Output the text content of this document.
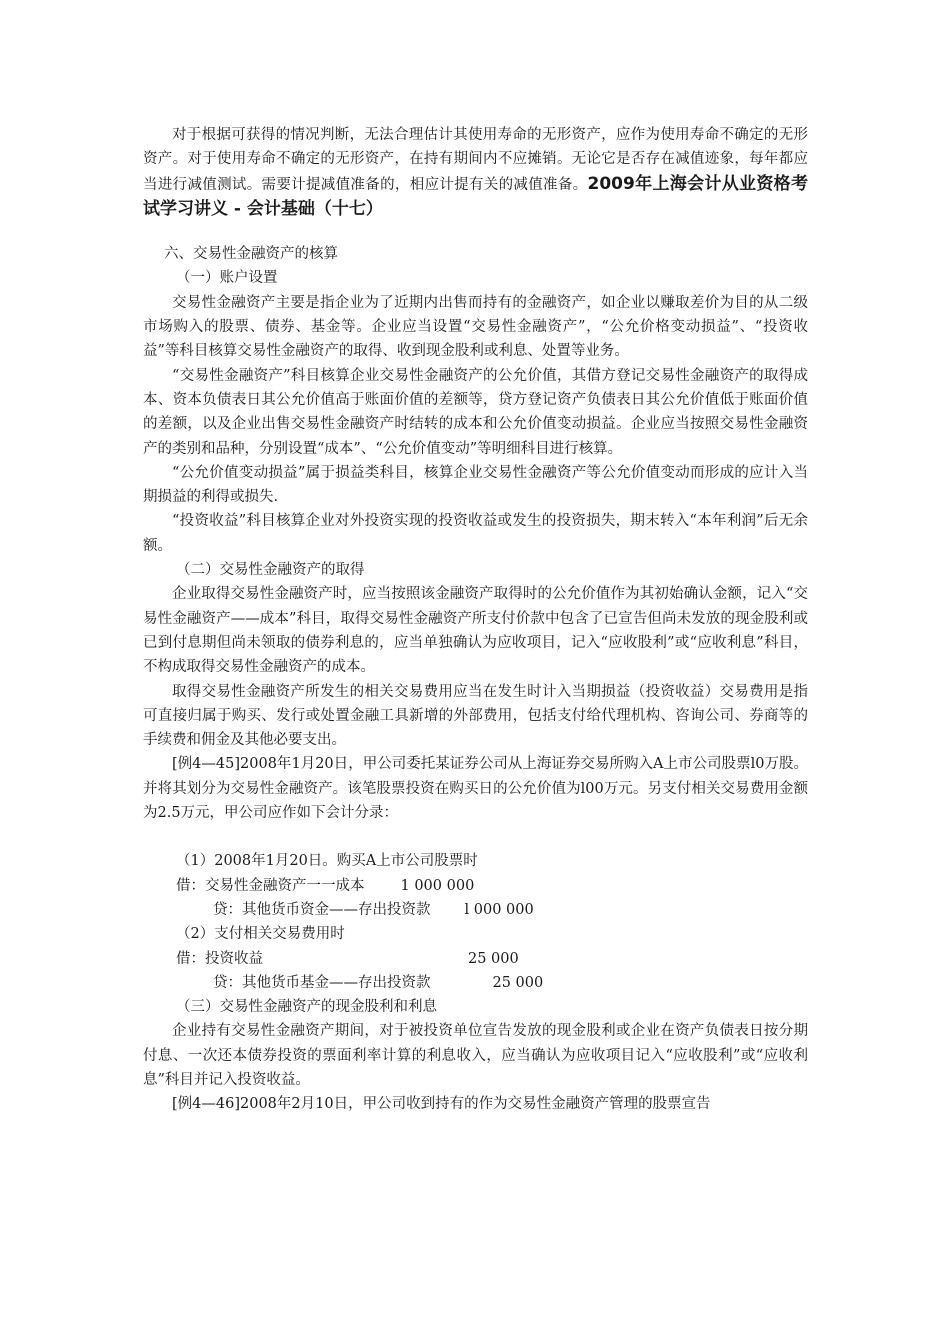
对于根据可获得的情况判断，无法合理估计其使用寿命的无形资产，应作为使用寿命不确定的无形资产。对于使用寿命不确定的无形资产，在持有期间内不应摊销。无论它是否存在减值迹象，每年都应当进行减值测试。需要计提减值准备的，相应计提有关的减值准备。2009年上海会计从业资格考试学习讲义 - 会计基础（十七）

六、交易性金融资产的核算

（一）账户设置

交易性金融资产主要是指企业为了近期内出售而持有的金融资产，如企业以赚取差价为目的从二级市场购入的股票、债券、基金等。企业应当设置“交易性金融资产”，“公允价格变动损益”、“投资收益”等科目核算交易性金融资产的取得、收到现金股利或利息、处置等业务。

“交易性金融资产”科目核算企业交易性金融资产的公允价值，其借方登记交易性金融资产的取得成本、资本负债表日其公允价值高于账面价值的差额等，贷方登记资产负债表日其公允价值低于账面价值的差额，以及企业出售交易性金融资产时结转的成本和公允价值变动损益。企业应当按照交易性金融资产的类别和品种，分别设置“成本”、“公允价值变动”等明细科目进行核算。

“公允价值变动损益”属于损益类科目，核算企业交易性金融资产等公允价值变动而形成的应计入当期损益的利得或损失.

“投资收益”科目核算企业对外投资实现的投资收益或发生的投资损失，期末转入“本年利润”后无余额。

（二）交易性金融资产的取得

企业取得交易性金融资产时，应当按照该金融资产取得时的公允价值作为其初始确认金额，记入“交易性金融资产——成本”科目，取得交易性金融资产所支付价款中包含了已宣告但尚未发放的现金股利或已到付息期但尚未领取的债券利息的，应当单独确认为应收项目，记入“应收股利”或“应收利息”科目，不构成取得交易性金融资产的成本。

取得交易性金融资产所发生的相关交易费用应当在发生时计入当期损益（投资收益）交易费用是指可直接归属于购买、发行或处置金融工具新增的外部费用，包括支付给代理机构、咨询公司、券商等的手续费和佣金及其他必要支出。

[例4—45]2008年1月20日，甲公司委托某证券公司从上海证券交易所购入A上市公司股票l0万股。并将其划分为交易性金融资产。该笔股票投资在购买日的公允价值为l00万元。另支付相关交易费用金额为2.5万元，甲公司应作如下会计分录：

（1）2008年1月20日。购买A上市公司股票时

借：交易性金融资产一一成本 1 000 000

贷：其他货币资金——存出投资款 l 000 000

（2）支付相关交易费用时

借：投资收益	25 000

贷：其他货币基金——存出投资款	25 000

（三）交易性金融资产的现金股利和利息

企业持有交易性金融资产期间，对于被投资单位宣告发放的现金股利或企业在资产负债表日按分期付息、一次还本债券投资的票面利率计算的利息收入，应当确认为应收项目记入“应收股利”或“应收利息”科目并记入投资收益。

[例4—46]2008年2月10日，甲公司收到持有的作为交易性金融资产管理的股票宣告
